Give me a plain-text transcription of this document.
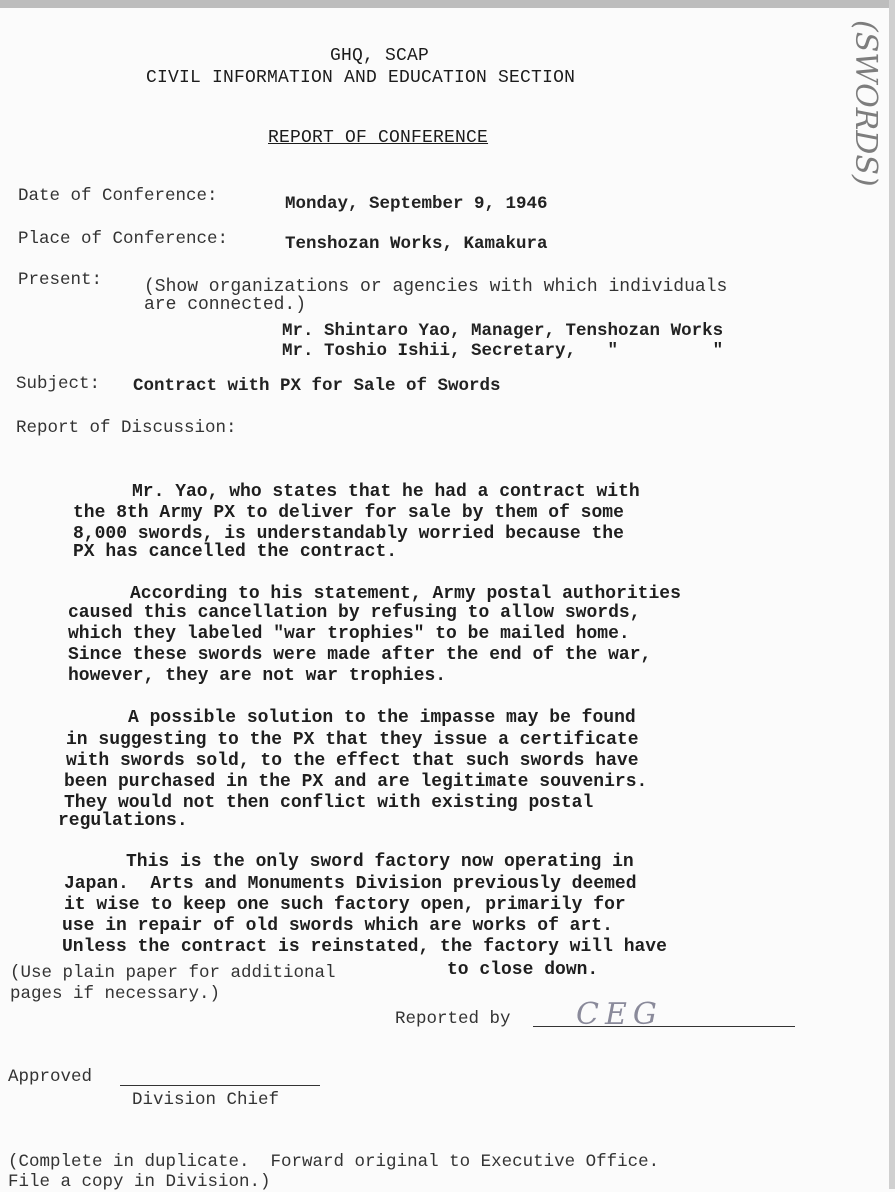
GHQ, SCAP
CIVIL INFORMATION AND EDUCATION SECTION
REPORT OF CONFERENCE	(SWORDS)
Date of Conference:	Monday, September 9, 1946
Place of Conference:	Tenshozan Works, Kamakura
Present: (Show organizations or agencies with which individuals
are connected.)
Mr. Shintaro Yao, Manager, Tenshozan Works
Mr. Toshio Ishii, Secretary,   "         "
Subject: Contract with PX for Sale of Swords
Report of Discussion:
Mr. Yao, who states that he had a contract with
the 8th Army PX to deliver for sale by them of some
8,000 swords, is understandably worried because the
PX has cancelled the contract.
According to his statement, Army postal authorities
caused this cancellation by refusing to allow swords,
which they labeled "war trophies" to be mailed home.
Since these swords were made after the end of the war,
however, they are not war trophies.
A possible solution to the impasse may be found
in suggesting to the PX that they issue a certificate
with swords sold, to the effect that such swords have
been purchased in the PX and are legitimate souvenirs.
They would not then conflict with existing postal
regulations.
This is the only sword factory now operating in
Japan.  Arts and Monuments Division previously deemed
it wise to keep one such factory open, primarily for
use in repair of old swords which are works of art.
Unless the contract is reinstated, the factory will have
to close down.
(Use plain paper for additional
pages if necessary.)
Reported by CEG
Approved
Division Chief
(Complete in duplicate.  Forward original to Executive Office.
File a copy in Division.)
